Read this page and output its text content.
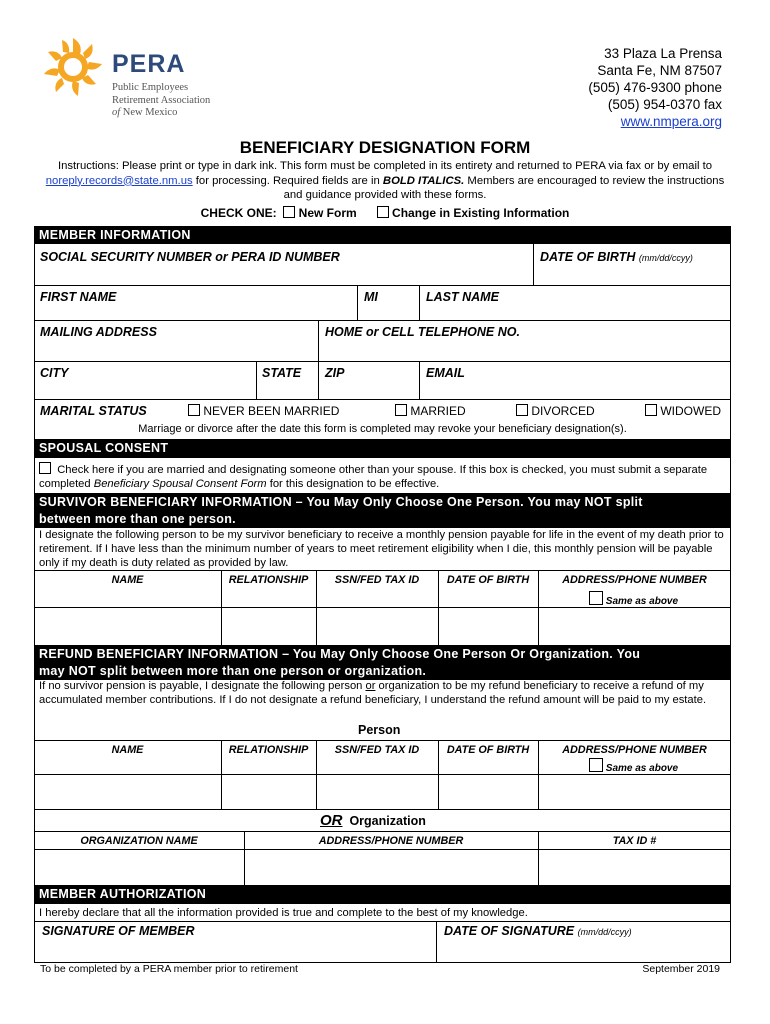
PERA
Public Employees
Retirement Association
of New Mexico
33 Plaza La Prensa
Santa Fe, NM 87507
(505) 476-9300 phone
(505) 954-0370 fax
www.nmpera.org
BENEFICIARY DESIGNATION FORM
Instructions: Please print or type in dark ink. This form must be completed in its entirety and returned to PERA via fax or by email to noreply.records@state.nm.us for processing. Required fields are in BOLD ITALICS. Members are encouraged to review the instructions and guidance provided with these forms.
CHECK ONE: New Form	Change in Existing Information
MEMBER INFORMATION
SOCIAL SECURITY NUMBER or PERA ID NUMBER	DATE OF BIRTH (mm/dd/ccyy)
FIRST NAME	MI	LAST NAME
MAILING ADDRESS	HOME or CELL TELEPHONE NO.
CITY	STATE ZIP	EMAIL
MARITAL STATUS	NEVER BEEN MARRIED	MARRIED	DIVORCED	WIDOWED
Marriage or divorce after the date this form is completed may revoke your beneficiary designation(s).
SPOUSAL CONSENT
Check here if you are married and designating someone other than your spouse. If this box is checked, you must submit a separate completed Beneficiary Spousal Consent Form for this designation to be effective.
SURVIVOR BENEFICIARY INFORMATION – You May Only Choose One Person. You may NOT split
between more than one person.
I designate the following person to be my survivor beneficiary to receive a monthly pension payable for life in the event of my death prior to retirement. If I have less than the minimum number of years to meet retirement eligibility when I die, this monthly pension will be payable only if my death is duty related as provided by law.
NAME	RELATIONSHIP	SSN/FED TAX ID	DATE OF BIRTH	ADDRESS/PHONE NUMBER
Same as above
REFUND BENEFICIARY INFORMATION – You May Only Choose One Person Or Organization. You
may NOT split between more than one person or organization.
If no survivor pension is payable, I designate the following person or organization to be my refund beneficiary to receive a refund of my accumulated member contributions. If I do not designate a refund beneficiary, I understand the refund amount will be paid to my estate.
Person
NAME	RELATIONSHIP	SSN/FED TAX ID	DATE OF BIRTH	ADDRESS/PHONE NUMBER
Same as above
OR Organization
ORGANIZATION NAME	ADDRESS/PHONE NUMBER	TAX ID #
MEMBER AUTHORIZATION
I hereby declare that all the information provided is true and complete to the best of my knowledge.
SIGNATURE OF MEMBER	DATE OF SIGNATURE (mm/dd/ccyy)
To be completed by a PERA member prior to retirement	September 2019
